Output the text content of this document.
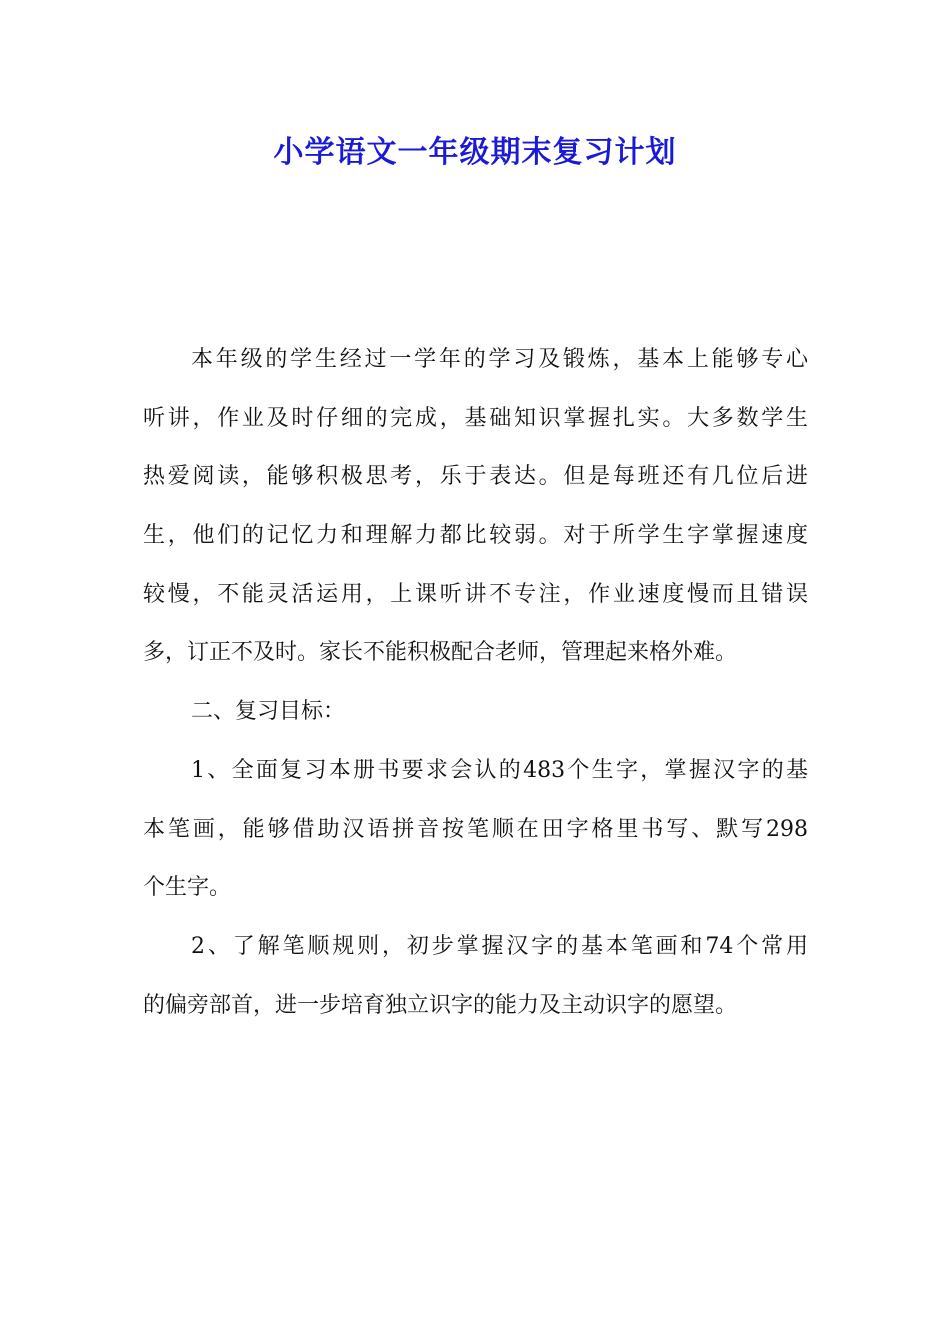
小学语文一年级期末复习计划
本年级的学生经过一学年的学习及锻炼，基本上能够专心
听讲，作业及时仔细的完成，基础知识掌握扎实。大多数学生
热爱阅读，能够积极思考，乐于表达。但是每班还有几位后进
生，他们的记忆力和理解力都比较弱。对于所学生字掌握速度
较慢，不能灵活运用，上课听讲不专注，作业速度慢而且错误
多，订正不及时。家长不能积极配合老师，管理起来格外难。
二、复习目标：
1、全面复习本册书要求会认的483个生字，掌握汉字的基
本笔画，能够借助汉语拼音按笔顺在田字格里书写、默写298
个生字。
2、了解笔顺规则，初步掌握汉字的基本笔画和74个常用
的偏旁部首，进一步培育独立识字的能力及主动识字的愿望。
